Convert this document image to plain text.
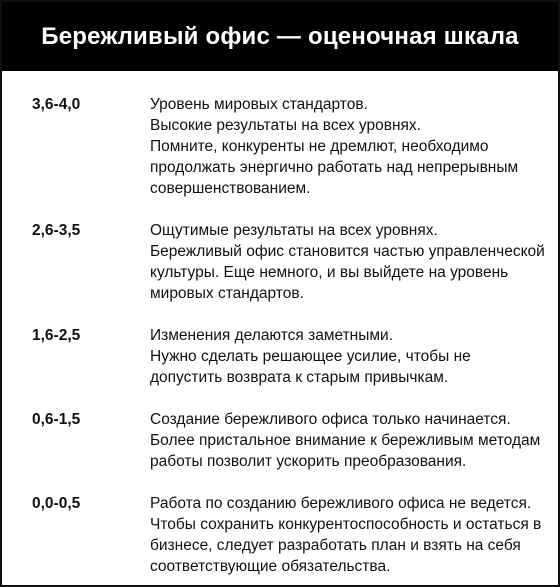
Бережливый офис — оценочная шкала
3,6-4,0	Уровень мировых стандартов.
Высокие результаты на всех уровнях.
Помните, конкуренты не дремлют, необходимо
продолжать энергично работать над непрерывным
совершенствованием.
2,6-3,5	Ощутимые результаты на всех уровнях.
Бережливый офис становится частью управленческой
культуры. Еще немного, и вы выйдете на уровень
мировых стандартов.
1,6-2,5	Изменения делаются заметными.
Нужно сделать решающее усилие, чтобы не
допустить возврата к старым привычкам.
0,6-1,5	Создание бережливого офиса только начинается.
Более пристальное внимание к бережливым методам
работы позволит ускорить преобразования.
0,0-0,5	Работа по созданию бережливого офиса не ведется.
Чтобы сохранить конкурентоспособность и остаться в
бизнесе, следует разработать план и взять на себя
соответствующие обязательства.
